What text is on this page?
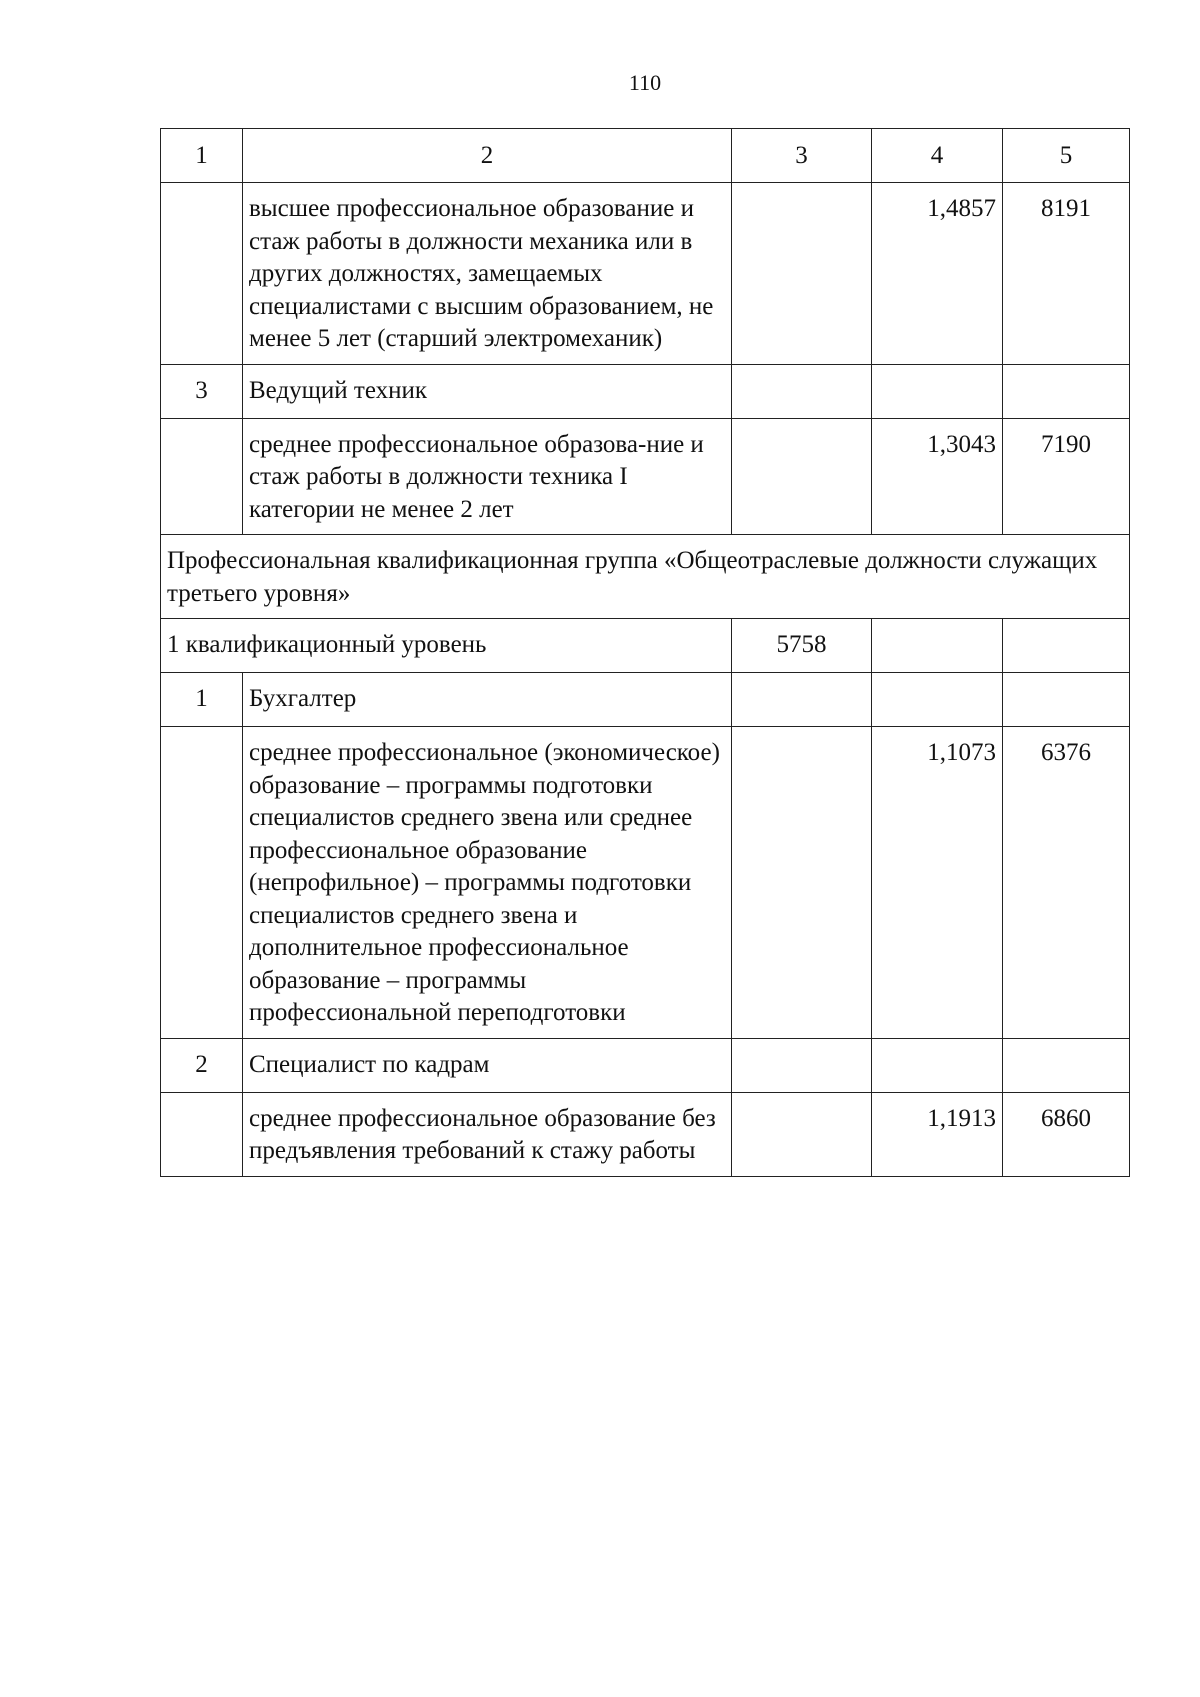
110
1	2	3	4	5
	высшее профессиональное образование и стаж работы в должности механика или в других должностях, замещаемых специалистами с высшим образованием, не менее 5 лет (старший электромеханик)		1,4857	8191
3	Ведущий техник			
	среднее профессиональное образова-ние и стаж работы в должности техника I категории не менее 2 лет		1,3043	7190
Профессиональная квалификационная группа «Общеотраслевые должности служащих третьего уровня»				
1 квалификационный уровень		5758		
1	Бухгалтер			
	среднее профессиональное (экономическое) образование – программы подготовки специалистов среднего звена или среднее профессиональное образование (непрофильное) – программы подготовки специалистов среднего звена и дополнительное профессиональное образование – программы профессиональной переподготовки		1,1073	6376
2	Специалист по кадрам			
	среднее профессиональное образование без предъявления требований к стажу работы		1,1913	6860
